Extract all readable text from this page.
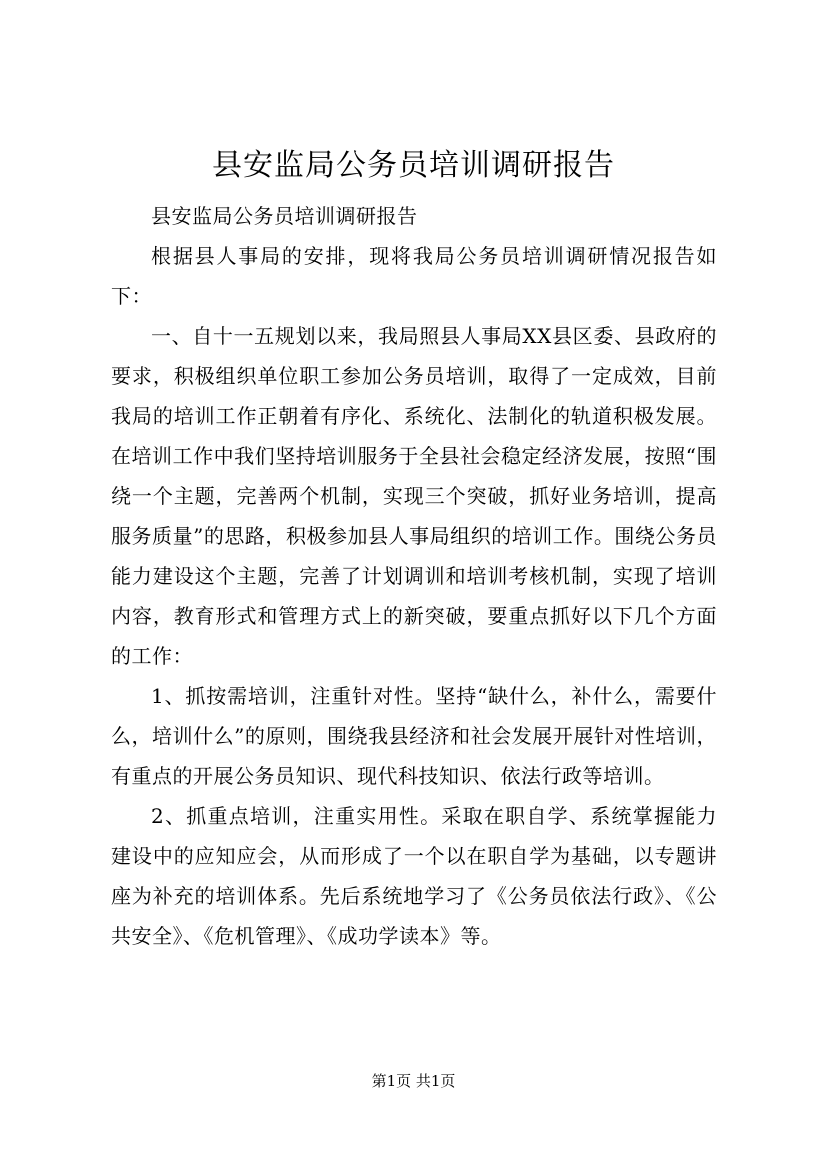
县安监局公务员培训调研报告

县安监局公务员培训调研报告

根据县人事局的安排，现将我局公务员培训调研情况报告如下：

一、自十一五规划以来，我局照县人事局XX县区委、县政府的要求，积极组织单位职工参加公务员培训，取得了一定成效，目前我局的培训工作正朝着有序化、系统化、法制化的轨道积极发展。在培训工作中我们坚持培训服务于全县社会稳定经济发展，按照“围绕一个主题，完善两个机制，实现三个突破，抓好业务培训，提高服务质量”的思路，积极参加县人事局组织的培训工作。围绕公务员能力建设这个主题，完善了计划调训和培训考核机制，实现了培训内容，教育形式和管理方式上的新突破，要重点抓好以下几个方面的工作：

1、抓按需培训，注重针对性。坚持“缺什么，补什么，需要什么，培训什么”的原则，围绕我县经济和社会发展开展针对性培训，有重点的开展公务员知识、现代科技知识、依法行政等培训。

2、抓重点培训，注重实用性。采取在职自学、系统掌握能力建设中的应知应会，从而形成了一个以在职自学为基础，以专题讲座为补充的培训体系。先后系统地学习了《公务员依法行政》、《公共安全》、《危机管理》、《成功学读本》等。

第1页 共1页
